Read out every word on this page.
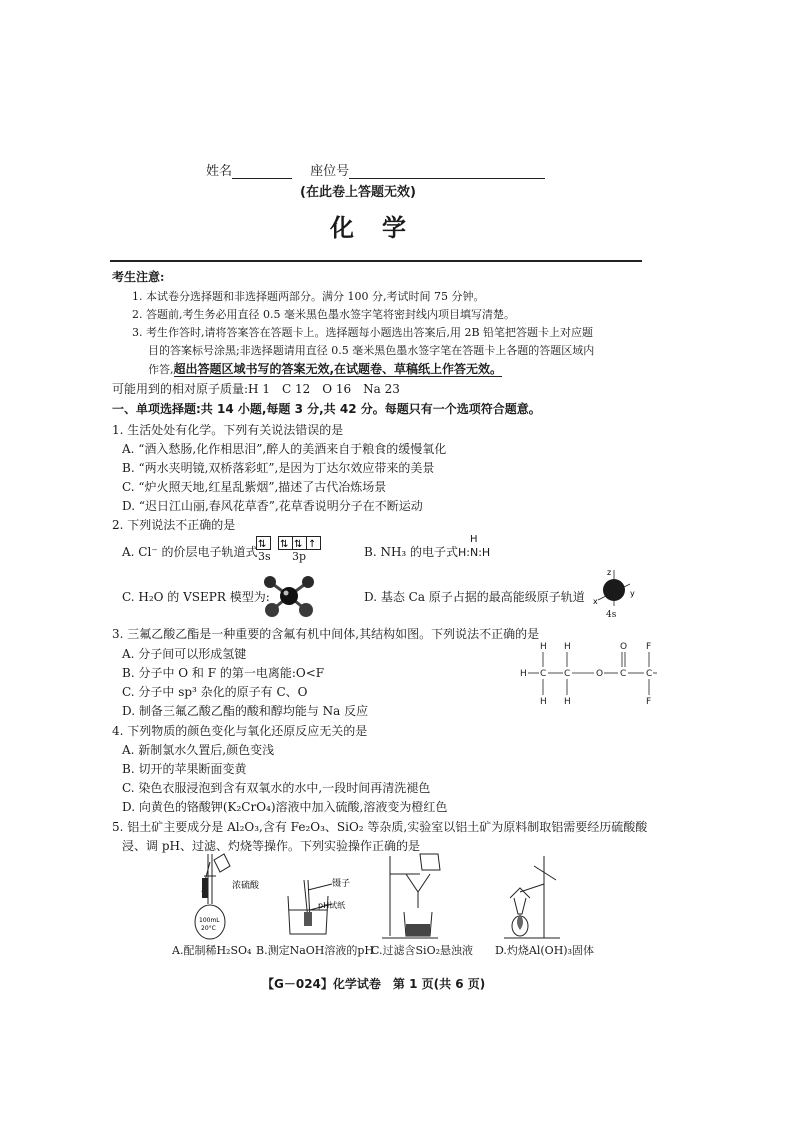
姓名	座位号
(在此卷上答题无效)
化　学
考生注意:
1. 本试卷分选择题和非选择题两部分。满分 100 分,考试时间 75 分钟。
2. 答题前,考生务必用直径 0.5 毫米黑色墨水签字笔将密封线内项目填写清楚。
3. 考生作答时,请将答案答在答题卡上。选择题每小题选出答案后,用 2B 铅笔把答题卡上对应题
目的答案标号涂黑;非选择题请用直径 0.5 毫米黑色墨水签字笔在答题卡上各题的答题区域内
作答,超出答题区域书写的答案无效,在试题卷、草稿纸上作答无效。
可能用到的相对原子质量:H 1　C 12　O 16　Na 23
一、单项选择题:共 14 小题,每题 3 分,共 42 分。每题只有一个选项符合题意。
1. 生活处处有化学。下列有关说法错误的是
A. “酒入愁肠,化作相思泪”,醉人的美酒来自于粮食的缓慢氧化
B. “两水夹明镜,双桥落彩虹”,是因为丁达尔效应带来的美景
C. “炉火照天地,红星乱紫烟”,描述了古代冶炼场景
D. “迟日江山丽,春风花草香”,花草香说明分子在不断运动
2. 下列说法不正确的是
A. Cl⁻ 的价层电子轨道式
⇅ ⇅ ⇅ ↑
3s 3p	B. NH₃ 的电子式
H
H:N:H
C. H₂O 的 VSEPR 模型为:	D. 基态 Ca 原子占据的最高能级原子轨道
z
x
y
4s
3. 三氟乙酸乙酯是一种重要的含氟有机中间体,其结构如图。下列说法不正确的是
A. 分子间可以形成氢键
B. 分子中 O 和 F 的第一电离能:O<F
C. 分子中 sp³ 杂化的原子有 C、O
D. 制备三氟乙酸乙酯的酸和醇均能与 Na 反应
H H	O F
H C C	O C C
H H	F
4. 下列物质的颜色变化与氧化还原反应无关的是
A. 新制氯水久置后,颜色变浅
B. 切开的苹果断面变黄
C. 染色衣服浸泡到含有双氧水的水中,一段时间再清洗褪色
D. 向黄色的铬酸钾(K₂CrO₄)溶液中加入硫酸,溶液变为橙红色
5. 铝土矿主要成分是 Al₂O₃,含有 Fe₂O₃、SiO₂ 等杂质,实验室以铝土矿为原料制取铝需要经历硫酸酸
浸、调 pH、过滤、灼烧等操作。下列实验操作正确的是
100mL
20°C
浓硫酸	镊子
pH试纸
A.配制稀H₂SO₄ B.测定NaOH溶液的pH
C.过滤含SiO₂悬浊液 D.灼烧Al(OH)₃固体
【G－024】化学试卷　第 1 页(共 6 页)
